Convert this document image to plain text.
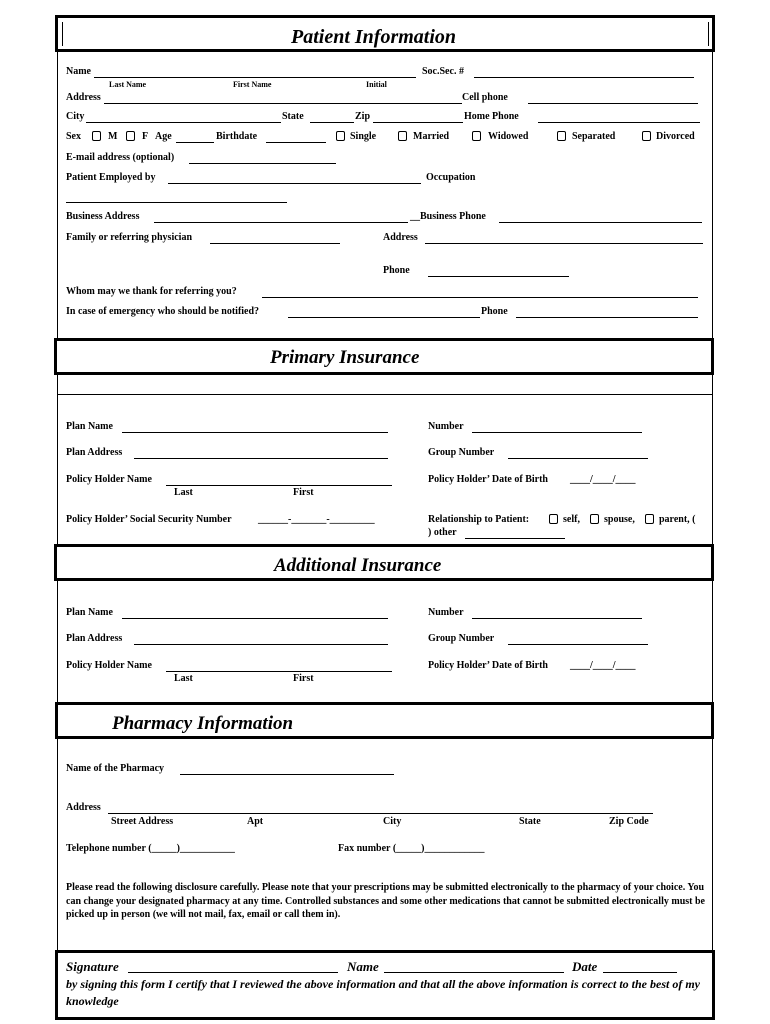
Patient Information
Name
Last Name	First Name	Initial
Soc.Sec. #
Address	Cell phone
City	State	Zip	Home Phone
Sex	M F Age	Birthdate	Single	Married	Widowed	Separated	Divorced
E-mail address (optional)
Patient Employed by	Occupation
Business Address	__Business Phone
Family or referring physician	Address
Phone
Whom may we thank for referring you?
In case of emergency who should be notified?	Phone
Primary Insurance
Plan Name	Number
Plan Address	Group Number
Policy Holder Name
Last	First
Policy Holder’ Date of Birth ____/____/____
Policy Holder’ Social Security Number	______-_______-_________	Relationship to Patient:	self, spouse, parent, (
) other
Additional Insurance
Plan Name	Number
Plan Address	Group Number
Policy Holder Name
Last	First
Policy Holder’ Date of Birth ____/____/____
Pharmacy Information
Name of the Pharmacy
Address
Street Address	Apt	City	State	Zip Code
Telephone number (_____)___________	Fax number (_____)____________
Please read the following disclosure carefully. Please note that your prescriptions may be submitted electronically to the pharmacy of your choice. You can change your designated pharmacy at any time. Controlled substances and some other medications that cannot be submitted electronically must be picked up in person (we will not mail, fax, email or call them in).
Signature	Name	Date
by signing this form I certify that I reviewed the above information and that all the above information is correct to the best of my knowledge
